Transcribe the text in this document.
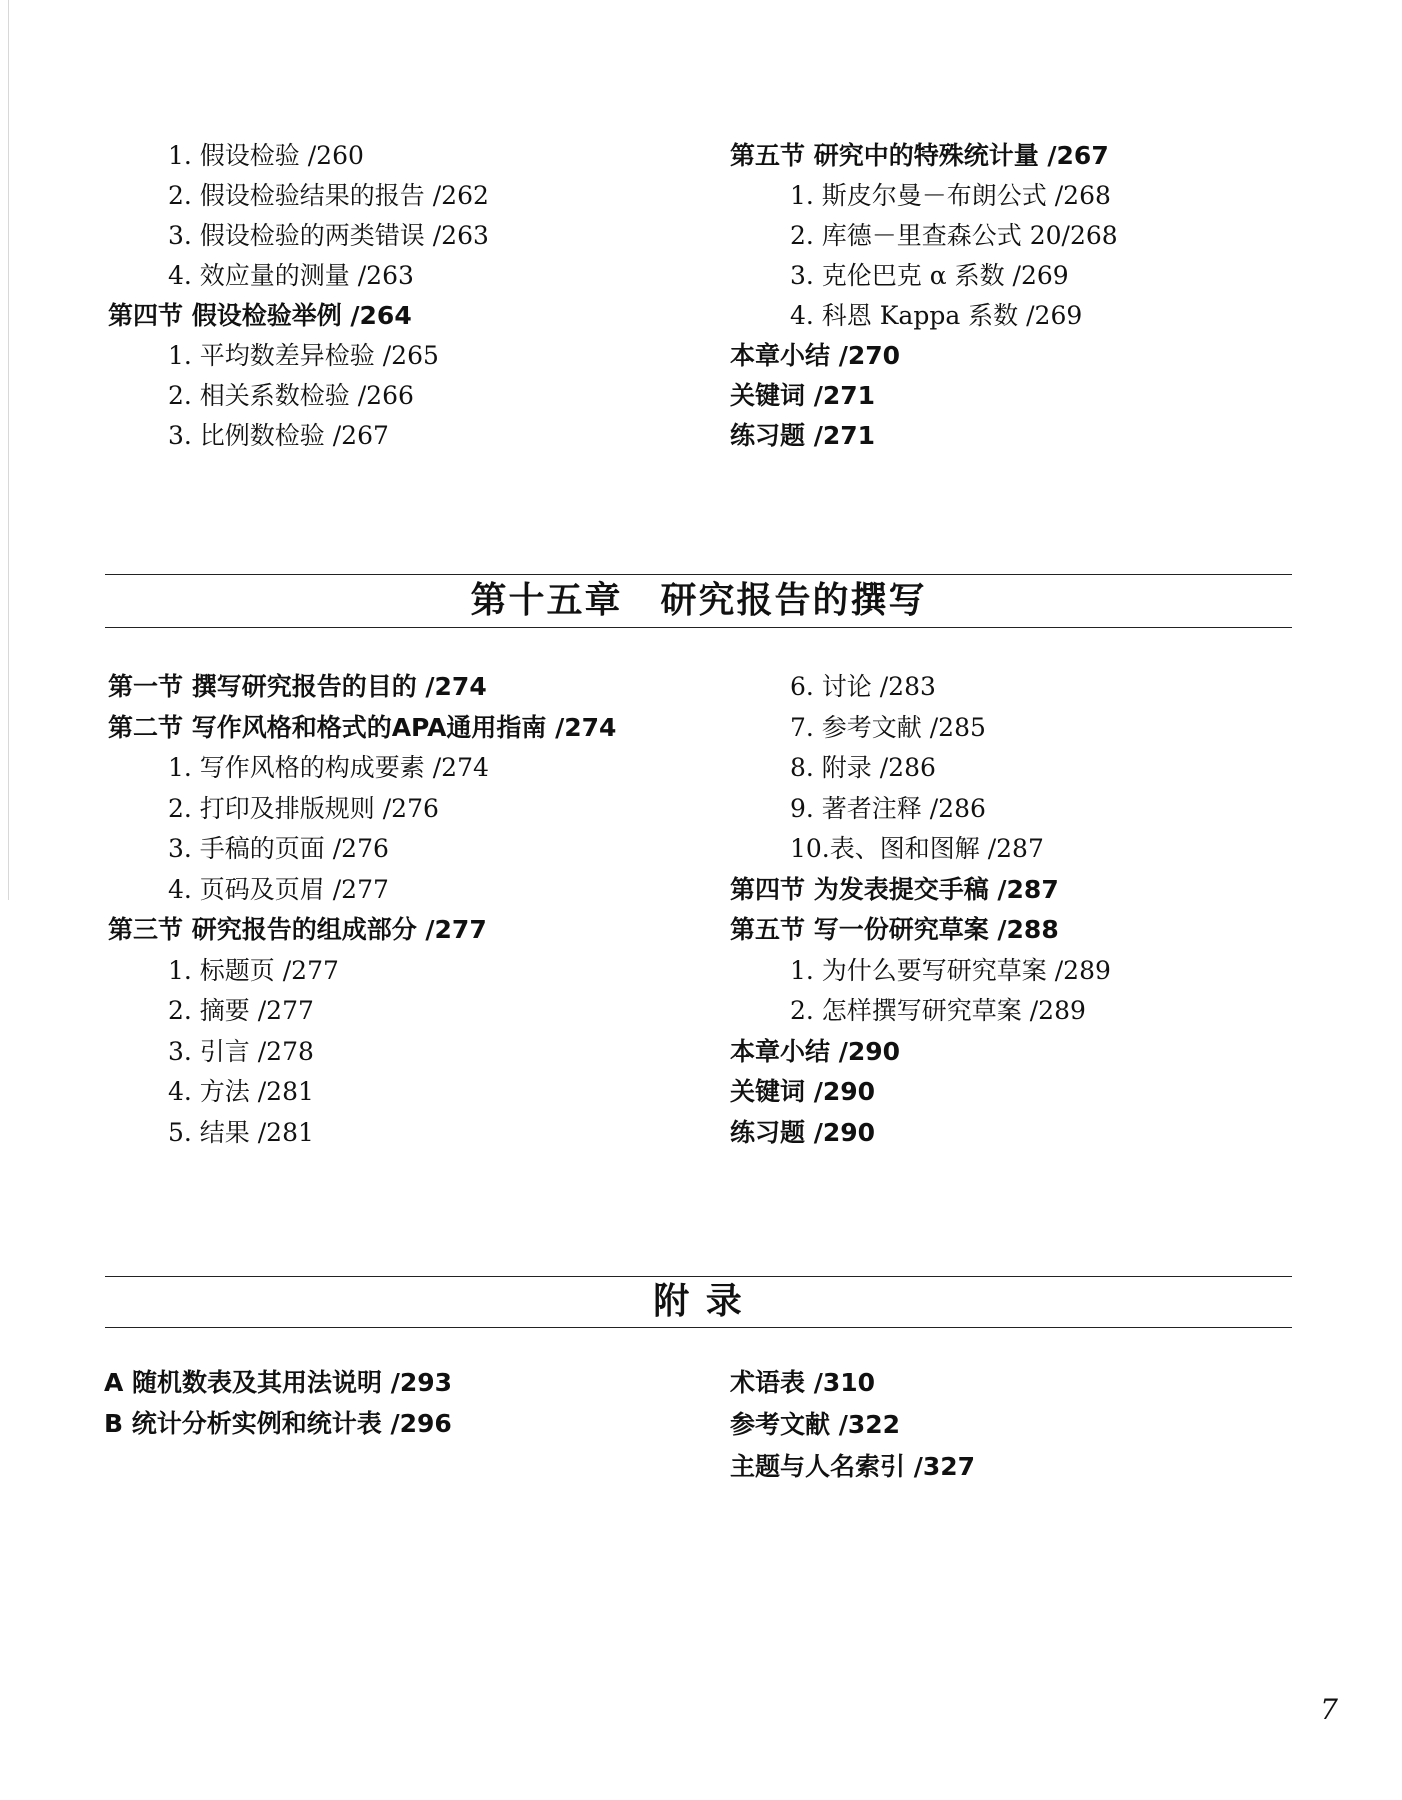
1. 假设检验 /260
2. 假设检验结果的报告 /262
3. 假设检验的两类错误 /263
4. 效应量的测量 /263
第四节 假设检验举例 /264
1. 平均数差异检验 /265
2. 相关系数检验 /266
3. 比例数检验 /267
第五节 研究中的特殊统计量 /267
1. 斯皮尔曼－布朗公式 /268
2. 库德－里查森公式 20/268
3. 克伦巴克 α 系数 /269
4. 科恩 Kappa 系数 /269
本章小结 /270
关键词 /271
练习题 /271
第十五章　研究报告的撰写
第一节 撰写研究报告的目的 /274
第二节 写作风格和格式的APA通用指南 /274
1. 写作风格的构成要素 /274
2. 打印及排版规则 /276
3. 手稿的页面 /276
4. 页码及页眉 /277
第三节 研究报告的组成部分 /277
1. 标题页 /277
2. 摘要 /277
3. 引言 /278
4. 方法 /281
5. 结果 /281
6. 讨论 /283
7. 参考文献 /285
8. 附录 /286
9. 著者注释 /286
10.表、图和图解 /287
第四节 为发表提交手稿 /287
第五节 写一份研究草案 /288
1. 为什么要写研究草案 /289
2. 怎样撰写研究草案 /289
本章小结 /290
关键词 /290
练习题 /290
附 录
A 随机数表及其用法说明 /293
B 统计分析实例和统计表 /296
术语表 /310
参考文献 /322
主题与人名索引 /327
7
